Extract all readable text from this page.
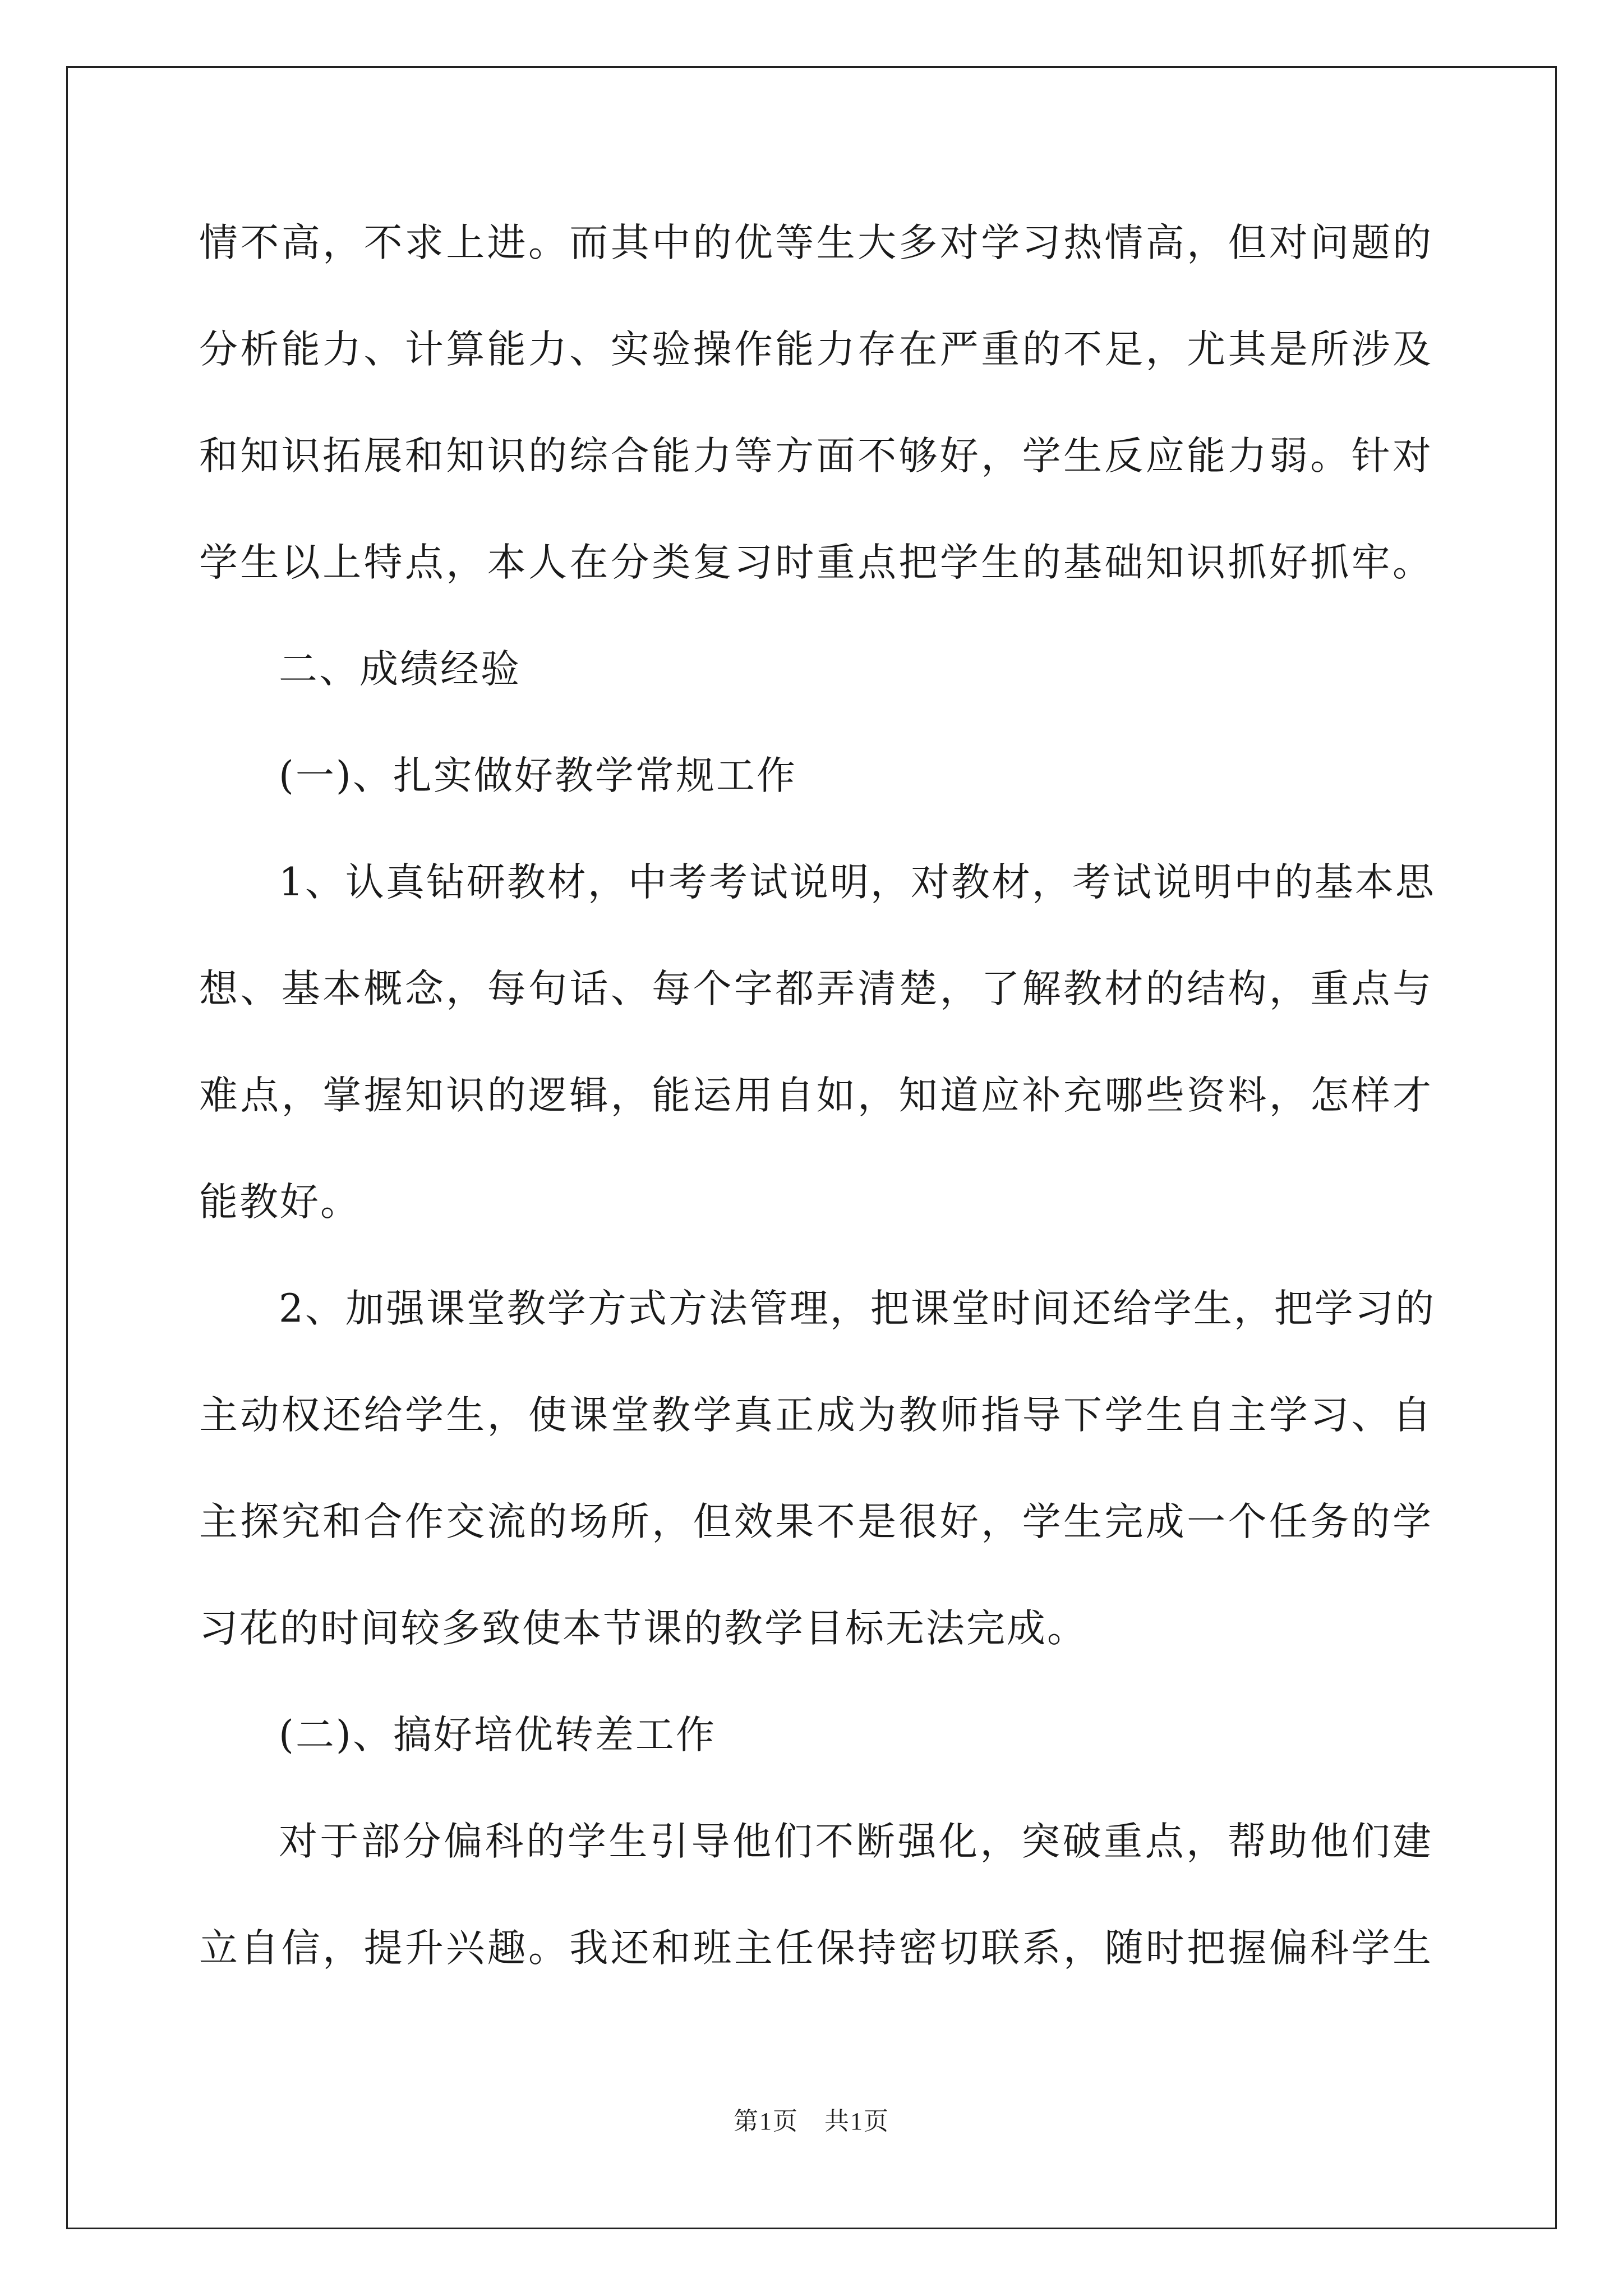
情不高，不求上进。而其中的优等生大多对学习热情高，但对问题的
分析能力、计算能力、实验操作能力存在严重的不足，尤其是所涉及
和知识拓展和知识的综合能力等方面不够好，学生反应能力弱。针对
学生以上特点，本人在分类复习时重点把学生的基础知识抓好抓牢。
二、成绩经验
(一)、扎实做好教学常规工作
1、认真钻研教材，中考考试说明，对教材，考试说明中的基本思
想、基本概念，每句话、每个字都弄清楚，了解教材的结构，重点与
难点，掌握知识的逻辑，能运用自如，知道应补充哪些资料，怎样才
能教好。
2、加强课堂教学方式方法管理，把课堂时间还给学生，把学习的
主动权还给学生，使课堂教学真正成为教师指导下学生自主学习、自
主探究和合作交流的场所，但效果不是很好，学生完成一个任务的学
习花的时间较多致使本节课的教学目标无法完成。
(二)、搞好培优转差工作
对于部分偏科的学生引导他们不断强化，突破重点，帮助他们建
立自信，提升兴趣。我还和班主任保持密切联系，随时把握偏科学生
第1页　共1页
